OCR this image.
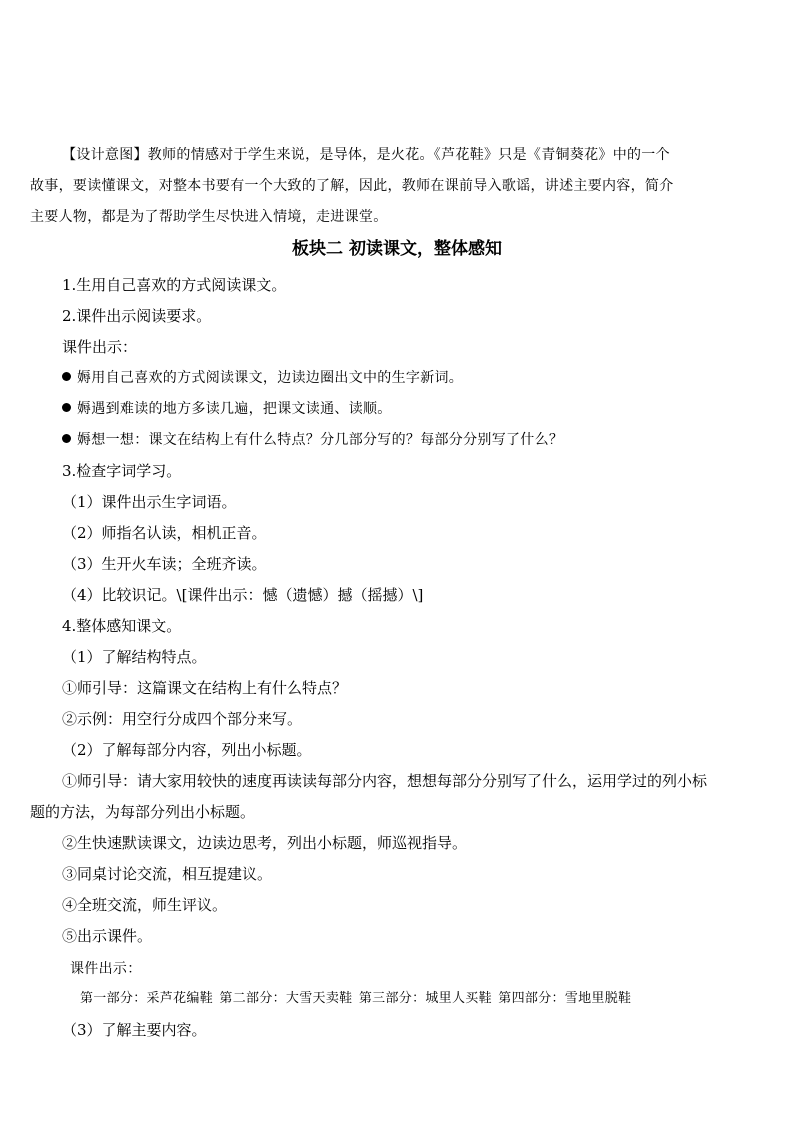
【设计意图】教师的情感对于学生来说，是导体，是火花。《芦花鞋》只是《青铜葵花》中的一个
故事，要读懂课文，对整本书要有一个大致的了解，因此，教师在课前导入歌谣，讲述主要内容，简介
主要人物，都是为了帮助学生尽快进入情境，走进课堂。
板块二 初读课文，整体感知
1.生用自己喜欢的方式阅读课文。
2.课件出示阅读要求。
课件出示：
媷用自己喜欢的方式阅读课文，边读边圈出文中的生字新词。
媷遇到难读的地方多读几遍，把课文读通、读顺。
媷想一想：课文在结构上有什么特点？分几部分写的？每部分分别写了什么？
3.检查字词学习。
（1）课件出示生字词语。
（2）师指名认读，相机正音。
（3）生开火车读；全班齐读。
（4）比较识记。\[课件出示：憾（遗憾）撼（摇撼）\]
4.整体感知课文。
（1）了解结构特点。
①师引导：这篇课文在结构上有什么特点？
②示例：用空行分成四个部分来写。
（2）了解每部分内容，列出小标题。
①师引导：请大家用较快的速度再读读每部分内容，想想每部分分别写了什么，运用学过的列小标
题的方法，为每部分列出小标题。
②生快速默读课文，边读边思考，列出小标题，师巡视指导。
③同桌讨论交流，相互提建议。
④全班交流，师生评议。
⑤出示课件。
课件出示：
第一部分：采芦花编鞋 第二部分：大雪天卖鞋 第三部分：城里人买鞋 第四部分：雪地里脱鞋
（3）了解主要内容。
